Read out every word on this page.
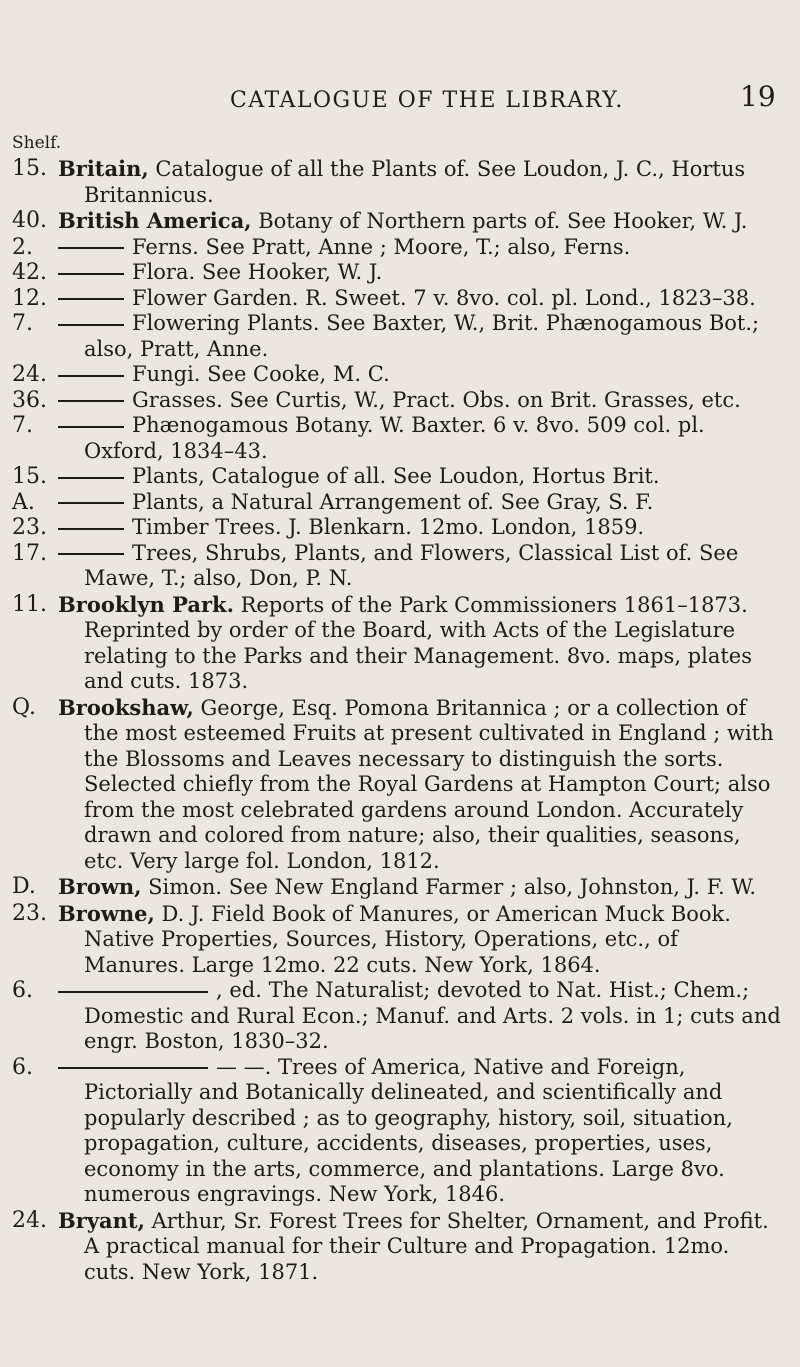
CATALOGUE OF THE LIBRARY.	19
Shelf.
15. Britain, Catalogue of all the Plants of. See Loudon, J. C., Hortus Britannicus.
40. British America, Botany of Northern parts of. See Hooker, W. J.
2.	Ferns. See Pratt, Anne ; Moore, T.; also, Ferns.
42.	Flora. See Hooker, W. J.
12.	Flower Garden. R. Sweet. 7 v. 8vo. col. pl. Lond., 1823–38.
7.	Flowering Plants. See Baxter, W., Brit. Phænogamous Bot.; also, Pratt, Anne.
24.	Fungi. See Cooke, M. C.
36.	Grasses. See Curtis, W., Pract. Obs. on Brit. Grasses, etc.
7.	Phænogamous Botany. W. Baxter. 6 v. 8vo. 509 col. pl. Oxford, 1834–43.
15.	Plants, Catalogue of all. See Loudon, Hortus Brit.
A.	Plants, a Natural Arrangement of. See Gray, S. F.
23.	Timber Trees. J. Blenkarn. 12mo. London, 1859.
17.	Trees, Shrubs, Plants, and Flowers, Classical List of. See Mawe, T.; also, Don, P. N.
11. Brooklyn Park. Reports of the Park Commissioners 1861–1873. Reprinted by order of the Board, with Acts of the Legislature relating to the Parks and their Management. 8vo. maps, plates and cuts. 1873.
Q.	Brookshaw, George, Esq. Pomona Britannica ; or a collection of the most esteemed Fruits at present cultivated in England ; with the Blossoms and Leaves necessary to distinguish the sorts. Selected chiefly from the Royal Gardens at Hampton Court; also from the most celebrated gardens around London. Accurately drawn and colored from nature; also, their qualities, seasons, etc. Very large fol. London, 1812.
D.	Brown, Simon. See New England Farmer ; also, Johnston, J. F. W.
23. Browne, D. J. Field Book of Manures, or American Muck Book. Native Properties, Sources, History, Operations, etc., of Manures. Large 12mo. 22 cuts. New York, 1864.
6.	, ed. The Naturalist; devoted to Nat. Hist.; Chem.; Domestic and Rural Econ.; Manuf. and Arts. 2 vols. in 1; cuts and engr. Boston, 1830–32.
6.	— —. Trees of America, Native and Foreign, Pictorially and Botanically delineated, and scientifically and popularly described ; as to geography, history, soil, situation, propagation, culture, accidents, diseases, properties, uses, economy in the arts, commerce, and plantations. Large 8vo. numerous engravings. New York, 1846.
24. Bryant, Arthur, Sr. Forest Trees for Shelter, Ornament, and Profit. A practical manual for their Culture and Propagation. 12mo. cuts. New York, 1871.
